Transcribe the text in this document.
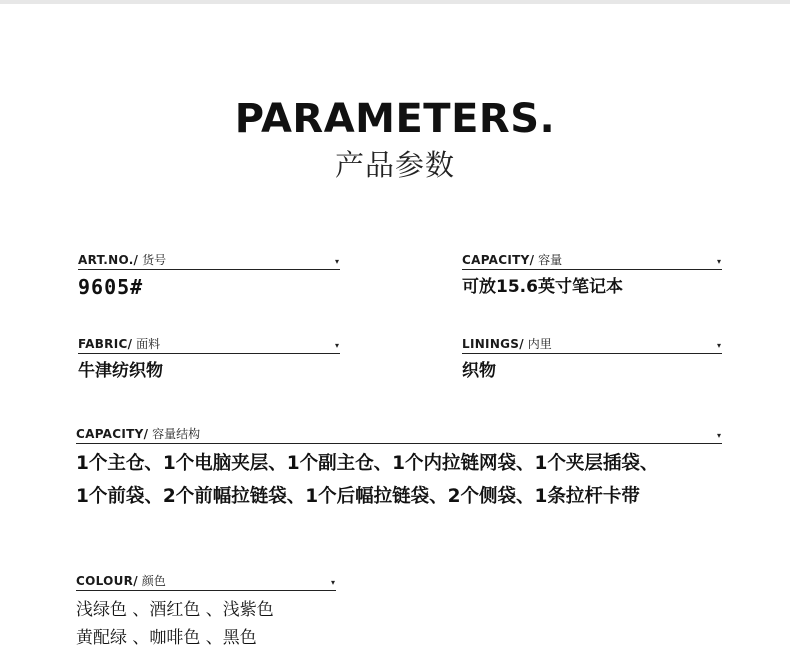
PARAMETERS.
产品参数
ART.NO./ 货号	▾
9605#
CAPACITY/ 容量	▾
可放15.6英寸笔记本
FABRIC/ 面料	▾
牛津纺织物
LININGS/ 内里	▾
织物
CAPACITY/ 容量结构	▾
1个主仓、1个电脑夹层、1个副主仓、1个内拉链网袋、1个夹层插袋、
1个前袋、2个前幅拉链袋、1个后幅拉链袋、2个侧袋、1条拉杆卡带
COLOUR/ 颜色	▾
浅绿色 、酒红色 、浅紫色
黄配绿 、咖啡色 、黑色
